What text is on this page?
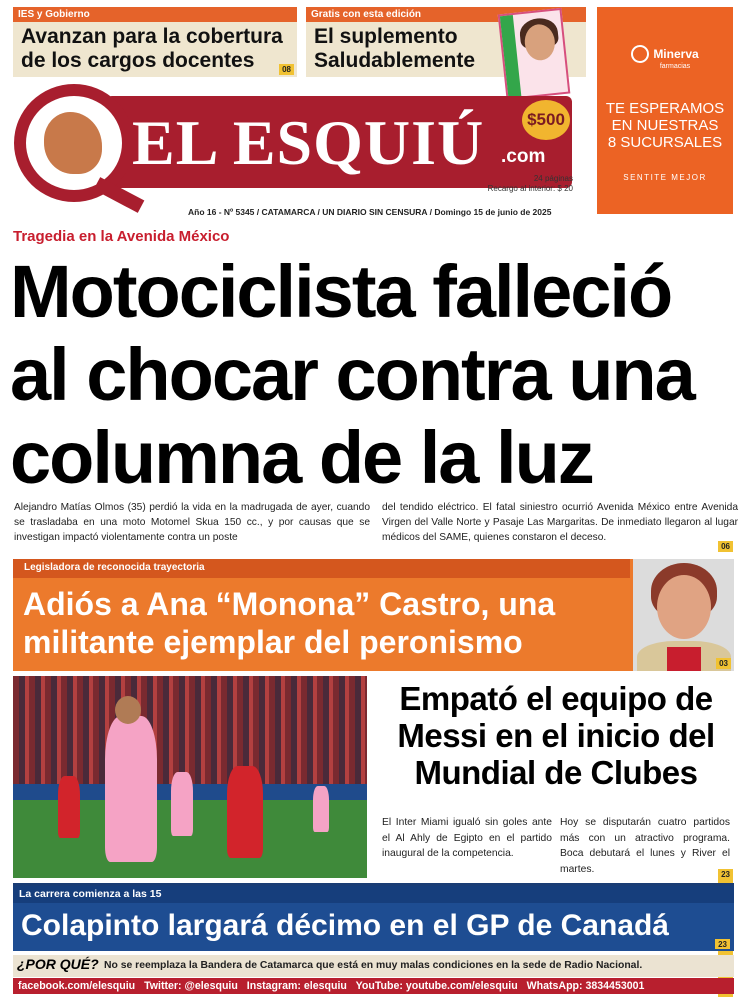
IES y Gobierno
Avanzan para la cobertura de los cargos docentes	08
Gratis con esta edición
El suplemento Saludablemente	Minerva
farmacias
TE ESPERAMOS
EN NUESTRAS
8 SUCURSALES
SENTITE MEJOR
EL ESQUIÚ	$500
.com
24 páginas
Recargo al interior: $ 20
Año 16 - Nº 5345 / CATAMARCA / UN DIARIO SIN CENSURA / Domingo 15 de junio de 2025
Tragedia en la Avenida México
Motociclista falleció al chocar contra una columna de la luz
Alejandro Matías Olmos (35) perdió la vida en la madrugada de ayer, cuando se trasladaba en una moto Motomel Skua 150 cc., y por causas que se investigan impactó violentamente contra un poste
del tendido eléctrico. El fatal siniestro ocurrió Avenida México entre Avenida Virgen del Valle Norte y Pasaje Las Margaritas. De inmediato llegaron al lugar médicos del SAME, quienes constaron el deceso.
06
Legisladora de reconocida trayectoria
Adiós a Ana “Monona” Castro, una militante ejemplar del peronismo
03
Empató el equipo de Messi en el inicio del Mundial de Clubes
El Inter Miami igualó sin goles ante el Al Ahly de Egipto en el partido inaugural de la competencia.
Hoy se disputarán cuatro partidos más con un atractivo programa. Boca debutará el lunes y River el martes.	23
La carrera comienza a las 15
Colapinto largará décimo en el GP de Canadá
23
¿POR QUÉ? No se reemplaza la Bandera de Catamarca que está en muy malas condiciones en la sede de Radio Nacional.
facebook.com/elesquiu Twitter: @elesquiu Instagram: elesquiu YouTube: youtube.com/elesquiu WhatsApp: 3834453001
